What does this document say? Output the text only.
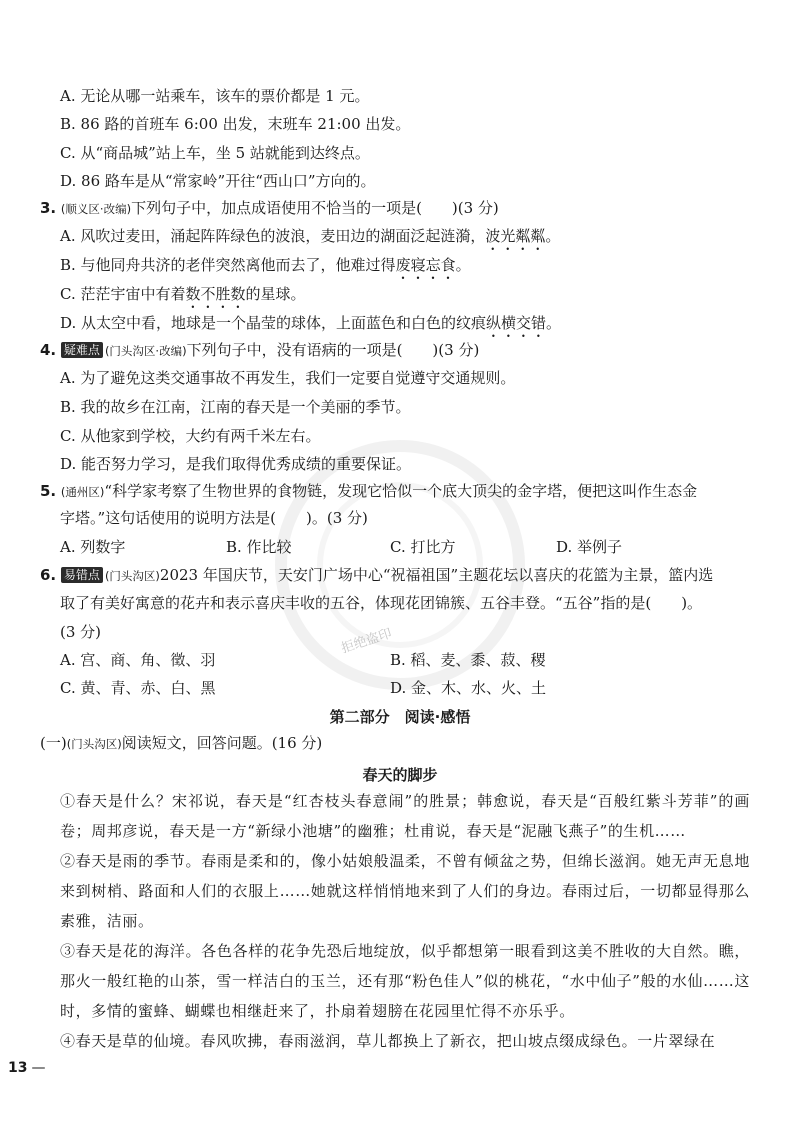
拒绝盗印
A. 无论从哪一站乘车，该车的票价都是 1 元。
B. 86 路的首班车 6:00 出发，末班车 21:00 出发。
C. 从“商品城”站上车，坐 5 站就能到达终点。
D. 86 路车是从“常家岭”开往“西山口”方向的。
3. (顺义区·改编)下列句子中，加点成语使用不恰当的一项是(　　)(3 分)
A. 风吹过麦田，涌起阵阵绿色的波浪，麦田边的湖面泛起涟漪，波光粼粼。
B. 与他同舟共济的老伴突然离他而去了，他难过得废寝忘食。
C. 茫茫宇宙中有着数不胜数的星球。
D. 从太空中看，地球是一个晶莹的球体，上面蓝色和白色的纹痕纵横交错。
4. 疑难点 (门头沟区·改编)下列句子中，没有语病的一项是(　　)(3 分)
A. 为了避免这类交通事故不再发生，我们一定要自觉遵守交通规则。
B. 我的故乡在江南，江南的春天是一个美丽的季节。
C. 从他家到学校，大约有两千米左右。
D. 能否努力学习，是我们取得优秀成绩的重要保证。
5. (通州区)“科学家考察了生物世界的食物链，发现它恰似一个底大顶尖的金字塔，便把这叫作生态金
字塔。”这句话使用的说明方法是(　　)。(3 分)
A. 列数字	B. 作比较	C. 打比方	D. 举例子
6. 易错点 (门头沟区)2023 年国庆节，天安门广场中心“祝福祖国”主题花坛以喜庆的花篮为主景，篮内选
取了有美好寓意的花卉和表示喜庆丰收的五谷，体现花团锦簇、五谷丰登。“五谷”指的是(　　)。
(3 分)
A. 宫、商、角、徵、羽	B. 稻、麦、黍、菽、稷
C. 黄、青、赤、白、黑	D. 金、木、水、火、土
第二部分　阅读·感悟
(一)(门头沟区)阅读短文，回答问题。(16 分)
春天的脚步
①春天是什么？宋祁说，春天是“红杏枝头春意闹”的胜景；韩愈说，春天是“百般红紫斗芳菲”的画卷；周邦彦说，春天是一方“新绿小池塘”的幽雅；杜甫说，春天是“泥融飞燕子”的生机……
②春天是雨的季节。春雨是柔和的，像小姑娘般温柔，不曾有倾盆之势，但绵长滋润。她无声无息地来到树梢、路面和人们的衣服上……她就这样悄悄地来到了人们的身边。春雨过后，一切都显得那么素雅，洁丽。
③春天是花的海洋。各色各样的花争先恐后地绽放，似乎都想第一眼看到这美不胜收的大自然。瞧，那火一般红艳的山茶，雪一样洁白的玉兰，还有那“粉色佳人”似的桃花，“水中仙子”般的水仙……这时，多情的蜜蜂、蝴蝶也相继赶来了，扑扇着翅膀在花园里忙得不亦乐乎。
④春天是草的仙境。春风吹拂，春雨滋润，草儿都换上了新衣，把山坡点缀成绿色。一片翠绿在
13 —
